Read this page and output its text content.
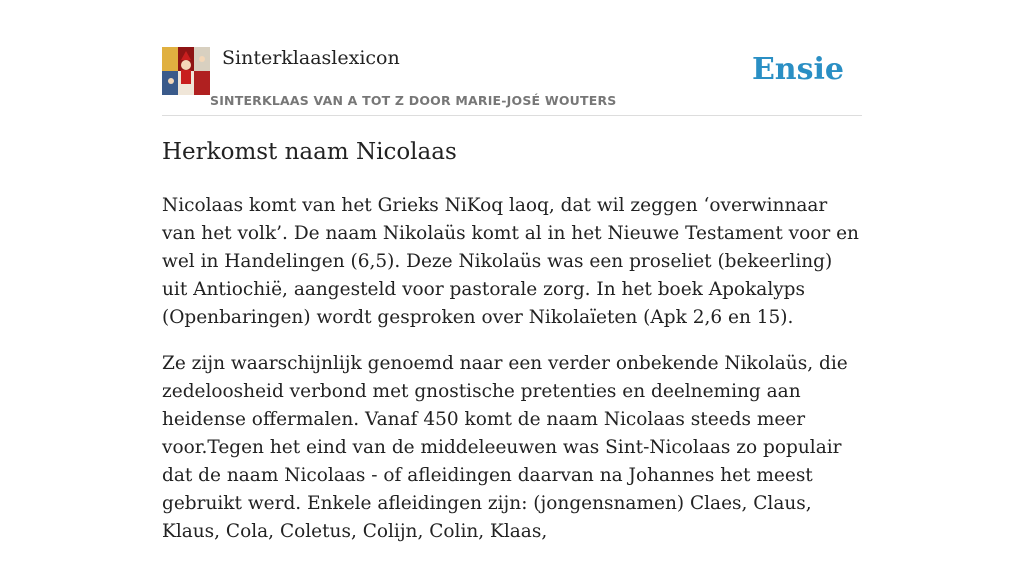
Sinterklaaslexicon
SINTERKLAAS VAN A TOT Z DOOR MARIE-JOSÉ WOUTERS
Ensie
Herkomst naam Nicolaas

Nicolaas komt van het Grieks NiKoq laoq, dat wil zeggen ‘overwinnaar van het volk’. De naam Nikolaüs komt al in het Nieuwe Testament voor en wel in Handelingen (6,5). Deze Nikolaüs was een proseliet (bekeerling) uit Antiochië, aangesteld voor pastorale zorg. In het boek Apokalyps (Openbaringen) wordt gesproken over Nikolaïeten (Apk 2,6 en 15).

Ze zijn waarschijnlijk genoemd naar een verder onbekende Nikolaüs, die zedeloosheid verbond met gnostische pretenties en deelneming aan heidense offermalen. Vanaf 450 komt de naam Nicolaas steeds meer voor.Tegen het eind van de middeleeuwen was Sint-Nicolaas zo populair dat de naam Nicolaas - of afleidingen daarvan na Johannes het meest gebruikt werd. Enkele afleidingen zijn: (jongensnamen) Claes, Claus, Klaus, Cola, Coletus, Colijn, Colin, Klaas,
